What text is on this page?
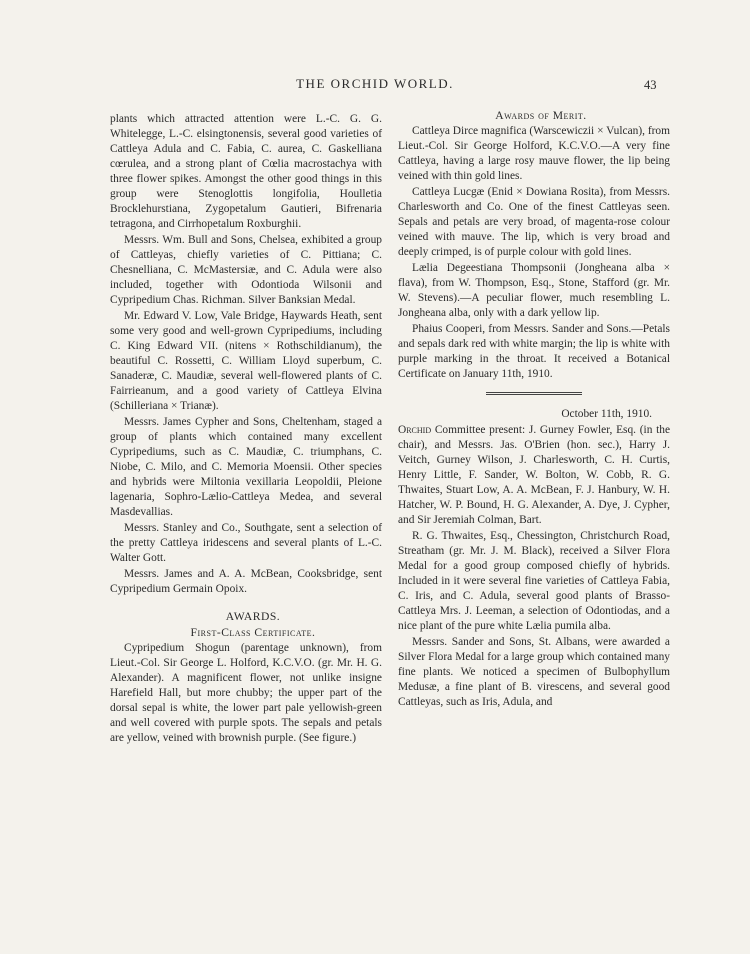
THE ORCHID WORLD.	43

plants which attracted attention were L.-C. G. G. Whitelegge, L.-C. elsingtonensis, several good varieties of Cattleya Adula and C. Fabia, C. aurea, C. Gaskelliana cœrulea, and a strong plant of Cœlia macrostachya with three flower spikes. Amongst the other good things in this group were Stenoglottis longifolia, Houlletia Brocklehurstiana, Zygopetalum Gautieri, Bifrenaria tetragona, and Cirrhopetalum Roxburghii.

Messrs. Wm. Bull and Sons, Chelsea, exhibited a group of Cattleyas, chiefly varieties of C. Pittiana; C. Chesnelliana, C. McMastersiæ, and C. Adula were also included, together with Odontioda Wilsonii and Cypripedium Chas. Richman. Silver Banksian Medal.

Mr. Edward V. Low, Vale Bridge, Haywards Heath, sent some very good and well-grown Cypripediums, including C. King Edward VII. (nitens × Rothschildianum), the beautiful C. Rossetti, C. William Lloyd superbum, C. Sanaderæ, C. Maudiæ, several well-flowered plants of C. Fairrieanum, and a good variety of Cattleya Elvina (Schilleriana × Trianæ).

Messrs. James Cypher and Sons, Cheltenham, staged a group of plants which contained many excellent Cypripediums, such as C. Maudiæ, C. triumphans, C. Niobe, C. Milo, and C. Memoria Moensii. Other species and hybrids were Miltonia vexillaria Leopoldii, Pleione lagenaria, Sophro-Lælio-Cattleya Medea, and several Masdevallias.

Messrs. Stanley and Co., Southgate, sent a selection of the pretty Cattleya iridescens and several plants of L.-C. Walter Gott.

Messrs. James and A. A. McBean, Cooksbridge, sent Cypripedium Germain Opoix.

AWARDS.

First-Class Certificate.

Cypripedium Shogun (parentage unknown), from Lieut.-Col. Sir George L. Holford, K.C.V.O. (gr. Mr. H. G. Alexander). A magnificent flower, not unlike insigne Harefield Hall, but more chubby; the upper part of the dorsal sepal is white, the lower part pale yellowish-green and well covered with purple spots. The sepals and petals are yellow, veined with brownish purple. (See figure.)

Awards of Merit.

Cattleya Dirce magnifica (Warscewiczii × Vulcan), from Lieut.-Col. Sir George Holford, K.C.V.O.—A very fine Cattleya, having a large rosy mauve flower, the lip being veined with thin gold lines.

Cattleya Lucgæ (Enid × Dowiana Rosita), from Messrs. Charlesworth and Co. One of the finest Cattleyas seen. Sepals and petals are very broad, of magenta-rose colour veined with mauve. The lip, which is very broad and deeply crimped, is of purple colour with gold lines.

Lælia Degeestiana Thompsonii (Jongheana alba × flava), from W. Thompson, Esq., Stone, Stafford (gr. Mr. W. Stevens).—A peculiar flower, much resembling L. Jongheana alba, only with a dark yellow lip.

Phaius Cooperi, from Messrs. Sander and Sons.—Petals and sepals dark red with white margin; the lip is white with purple marking in the throat. It received a Botanical Certificate on January 11th, 1910.

October 11th, 1910.

Orchid Committee present: J. Gurney Fowler, Esq. (in the chair), and Messrs. Jas. O'Brien (hon. sec.), Harry J. Veitch, Gurney Wilson, J. Charlesworth, C. H. Curtis, Henry Little, F. Sander, W. Bolton, W. Cobb, R. G. Thwaites, Stuart Low, A. A. McBean, F. J. Hanbury, W. H. Hatcher, W. P. Bound, H. G. Alexander, A. Dye, J. Cypher, and Sir Jeremiah Colman, Bart.

R. G. Thwaites, Esq., Chessington, Christchurch Road, Streatham (gr. Mr. J. M. Black), received a Silver Flora Medal for a good group composed chiefly of hybrids. Included in it were several fine varieties of Cattleya Fabia, C. Iris, and C. Adula, several good plants of Brasso-Cattleya Mrs. J. Leeman, a selection of Odontiodas, and a nice plant of the pure white Lælia pumila alba.

Messrs. Sander and Sons, St. Albans, were awarded a Silver Flora Medal for a large group which contained many fine plants. We noticed a specimen of Bulbophyllum Medusæ, a fine plant of B. virescens, and several good Cattleyas, such as Iris, Adula, and
